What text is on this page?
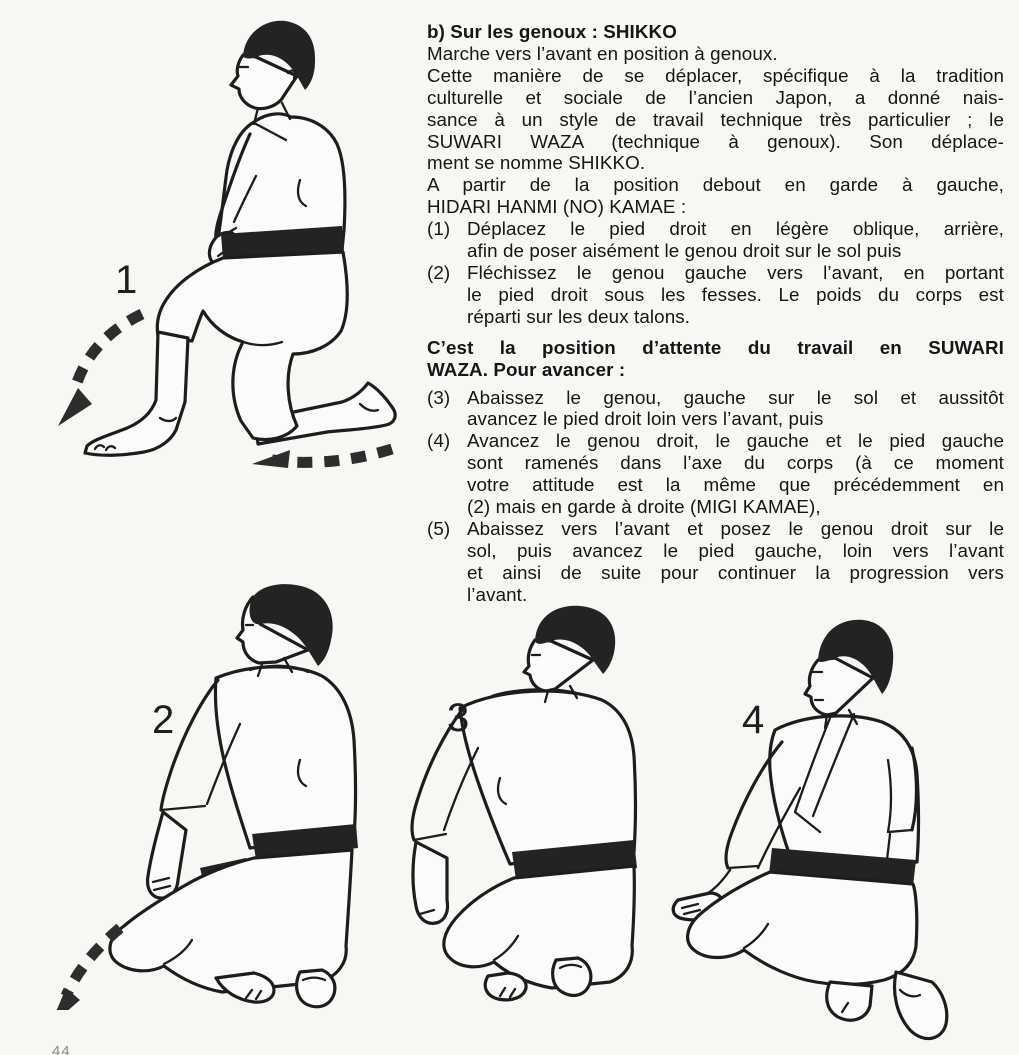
1
2	3	4
b) Sur les genoux : SHIKKO
Marche vers l’avant en position à genoux.
Cette manière de se déplacer, spécifique à la tradition
culturelle et sociale de l’ancien Japon, a donné nais-
sance à un style de travail technique très particulier ; le
SUWARI WAZA (technique à genoux). Son déplace-
ment se nomme SHIKKO.
A partir de la position debout en garde à gauche,
HIDARI HANMI (NO) KAMAE :
(1) Déplacez le pied droit en légère oblique, arrière,
afin de poser aisément le genou droit sur le sol puis
(2) Fléchissez le genou gauche vers l’avant, en portant
le pied droit sous les fesses. Le poids du corps est
réparti sur les deux talons.
C’est la position d’attente du travail en SUWARI
WAZA. Pour avancer :
(3) Abaissez le genou, gauche sur le sol et aussitôt
avancez le pied droit loin vers l’avant, puis
(4) Avancez le genou droit, le gauche et le pied gauche
sont ramenés dans l’axe du corps (à ce moment
votre attitude est la même que précédemment en
(2) mais en garde à droite (MIGI KAMAE),
(5) Abaissez vers l’avant et posez le genou droit sur le
sol, puis avancez le pied gauche, loin vers l’avant
et ainsi de suite pour continuer la progression vers
l’avant.
44
